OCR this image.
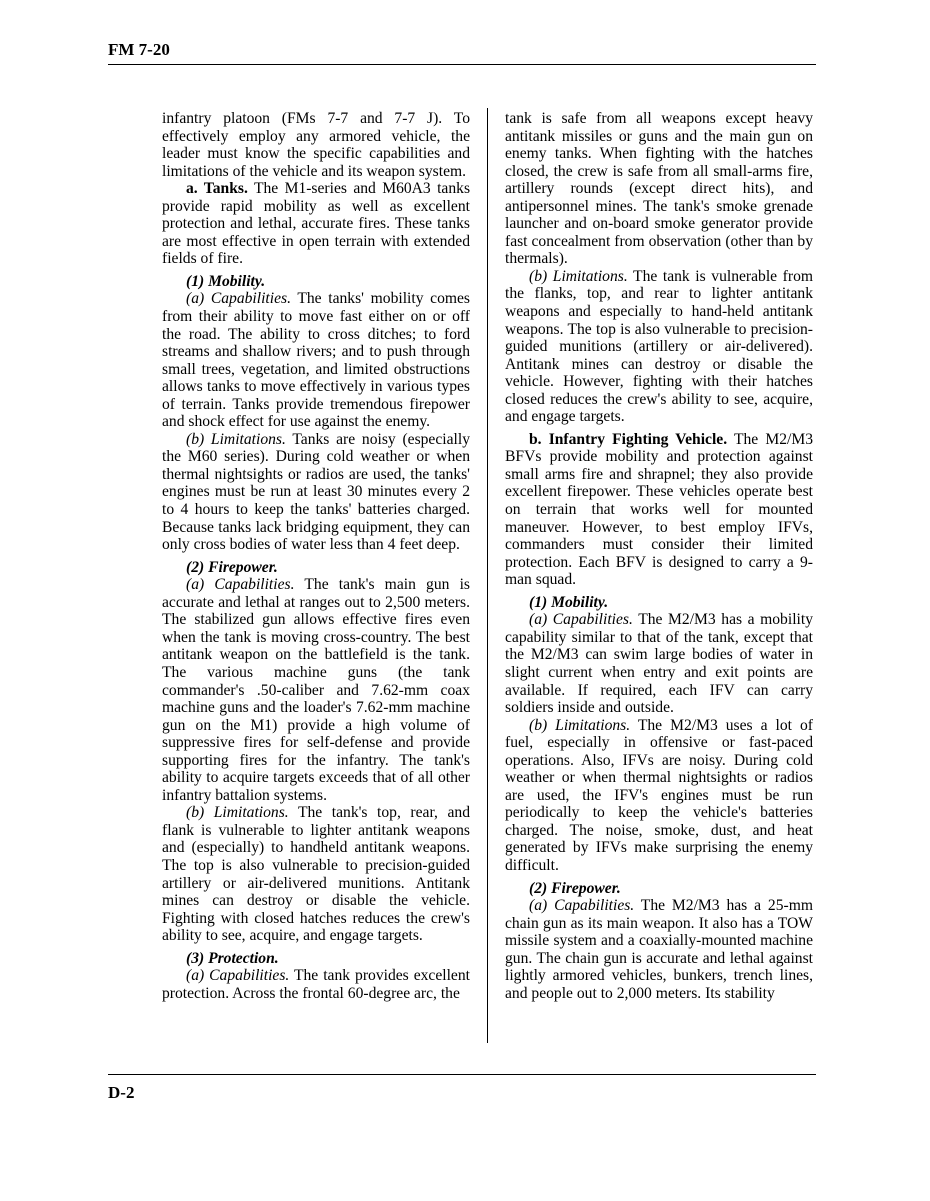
FM 7-20

infantry platoon (FMs 7-7 and 7-7 J). To effectively employ any armored vehicle, the leader must know the specific capabilities and limitations of the vehicle and its weapon system.

a. Tanks. The M1-series and M60A3 tanks provide rapid mobility as well as excellent protection and lethal, accurate fires. These tanks are most effective in open terrain with extended fields of fire.

(1) Mobility.

(a) Capabilities. The tanks' mobility comes from their ability to move fast either on or off the road. The ability to cross ditches; to ford streams and shallow rivers; and to push through small trees, vegetation, and limited obstructions allows tanks to move effectively in various types of terrain. Tanks provide tremendous firepower and shock effect for use against the enemy.

(b) Limitations. Tanks are noisy (especially the M60 series). During cold weather or when thermal nightsights or radios are used, the tanks' engines must be run at least 30 minutes every 2 to 4 hours to keep the tanks' batteries charged. Because tanks lack bridging equipment, they can only cross bodies of water less than 4 feet deep.

(2) Firepower.

(a) Capabilities. The tank's main gun is accurate and lethal at ranges out to 2,500 meters. The stabilized gun allows effective fires even when the tank is moving cross-country. The best antitank weapon on the battlefield is the tank. The various machine guns (the tank commander's .50-caliber and 7.62-mm coax machine guns and the loader's 7.62-mm machine gun on the M1) provide a high volume of suppressive fires for self-defense and provide supporting fires for the infantry. The tank's ability to acquire targets exceeds that of all other infantry battalion systems.

(b) Limitations. The tank's top, rear, and flank is vulnerable to lighter antitank weapons and (especially) to handheld antitank weapons. The top is also vulnerable to precision-guided artillery or air-delivered munitions. Antitank mines can destroy or disable the vehicle. Fighting with closed hatches reduces the crew's ability to see, acquire, and engage targets.

(3) Protection.

(a) Capabilities. The tank provides excellent protection. Across the frontal 60-degree arc, the

tank is safe from all weapons except heavy antitank missiles or guns and the main gun on enemy tanks. When fighting with the hatches closed, the crew is safe from all small-arms fire, artillery rounds (except direct hits), and antipersonnel mines. The tank's smoke grenade launcher and on-board smoke generator provide fast concealment from observation (other than by thermals).

(b) Limitations. The tank is vulnerable from the flanks, top, and rear to lighter antitank weapons and especially to hand-held antitank weapons. The top is also vulnerable to precision-guided munitions (artillery or air-delivered). Antitank mines can destroy or disable the vehicle. However, fighting with their hatches closed reduces the crew's ability to see, acquire, and engage targets.

b. Infantry Fighting Vehicle. The M2/M3 BFVs provide mobility and protection against small arms fire and shrapnel; they also provide excellent firepower. These vehicles operate best on terrain that works well for mounted maneuver. However, to best employ IFVs, commanders must consider their limited protection. Each BFV is designed to carry a 9-man squad.

(1) Mobility.

(a) Capabilities. The M2/M3 has a mobility capability similar to that of the tank, except that the M2/M3 can swim large bodies of water in slight current when entry and exit points are available. If required, each IFV can carry soldiers inside and outside.

(b) Limitations. The M2/M3 uses a lot of fuel, especially in offensive or fast-paced operations. Also, IFVs are noisy. During cold weather or when thermal nightsights or radios are used, the IFV's engines must be run periodically to keep the vehicle's batteries charged. The noise, smoke, dust, and heat generated by IFVs make surprising the enemy difficult.

(2) Firepower.

(a) Capabilities. The M2/M3 has a 25-mm chain gun as its main weapon. It also has a TOW missile system and a coaxially-mounted machine gun. The chain gun is accurate and lethal against lightly armored vehicles, bunkers, trench lines, and people out to 2,000 meters. Its stability

D-2
